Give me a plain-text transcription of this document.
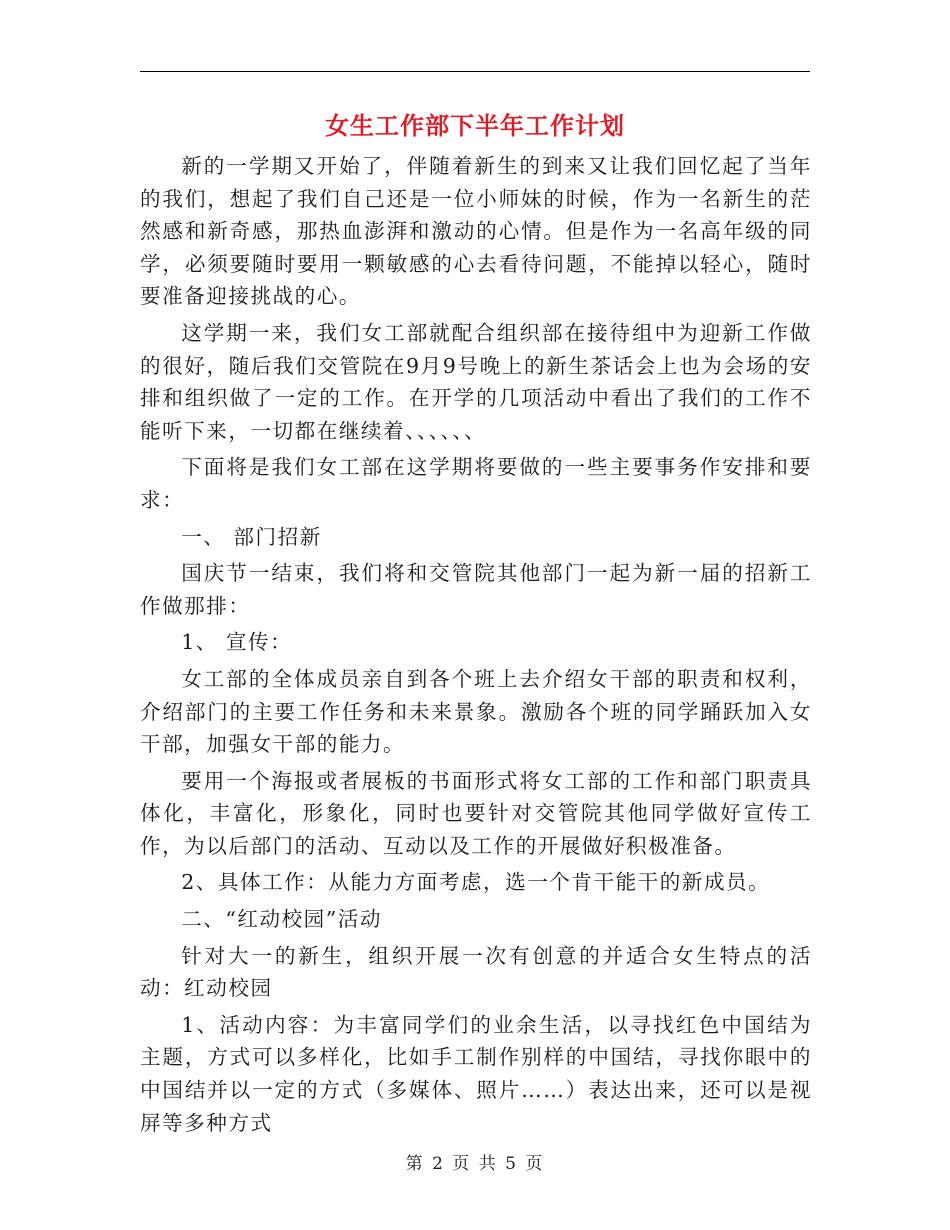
女生工作部下半年工作计划

新的一学期又开始了，伴随着新生的到来又让我们回忆起了当年的我们，想起了我们自己还是一位小师妹的时候，作为一名新生的茫然感和新奇感，那热血澎湃和激动的心情。但是作为一名高年级的同学，必须要随时要用一颗敏感的心去看待问题，不能掉以轻心，随时要准备迎接挑战的心。

这学期一来，我们女工部就配合组织部在接待组中为迎新工作做的很好，随后我们交管院在9月9号晚上的新生茶话会上也为会场的安排和组织做了一定的工作。在开学的几项活动中看出了我们的工作不能听下来，一切都在继续着、、、、、、

下面将是我们女工部在这学期将要做的一些主要事务作安排和要求：

一、 部门招新

国庆节一结束，我们将和交管院其他部门一起为新一届的招新工作做那排：

1、 宣传：

女工部的全体成员亲自到各个班上去介绍女干部的职责和权利，介绍部门的主要工作任务和未来景象。激励各个班的同学踊跃加入女干部，加强女干部的能力。

要用一个海报或者展板的书面形式将女工部的工作和部门职责具体化，丰富化，形象化，同时也要针对交管院其他同学做好宣传工作，为以后部门的活动、互动以及工作的开展做好积极准备。

2、具体工作：从能力方面考虑，选一个肯干能干的新成员。

二、“红动校园”活动

针对大一的新生，组织开展一次有创意的并适合女生特点的活动：红动校园

1、活动内容：为丰富同学们的业余生活，以寻找红色中国结为主题，方式可以多样化，比如手工制作别样的中国结，寻找你眼中的中国结并以一定的方式（多媒体、照片……）表达出来，还可以是视屏等多种方式

第 2 页 共 5 页
